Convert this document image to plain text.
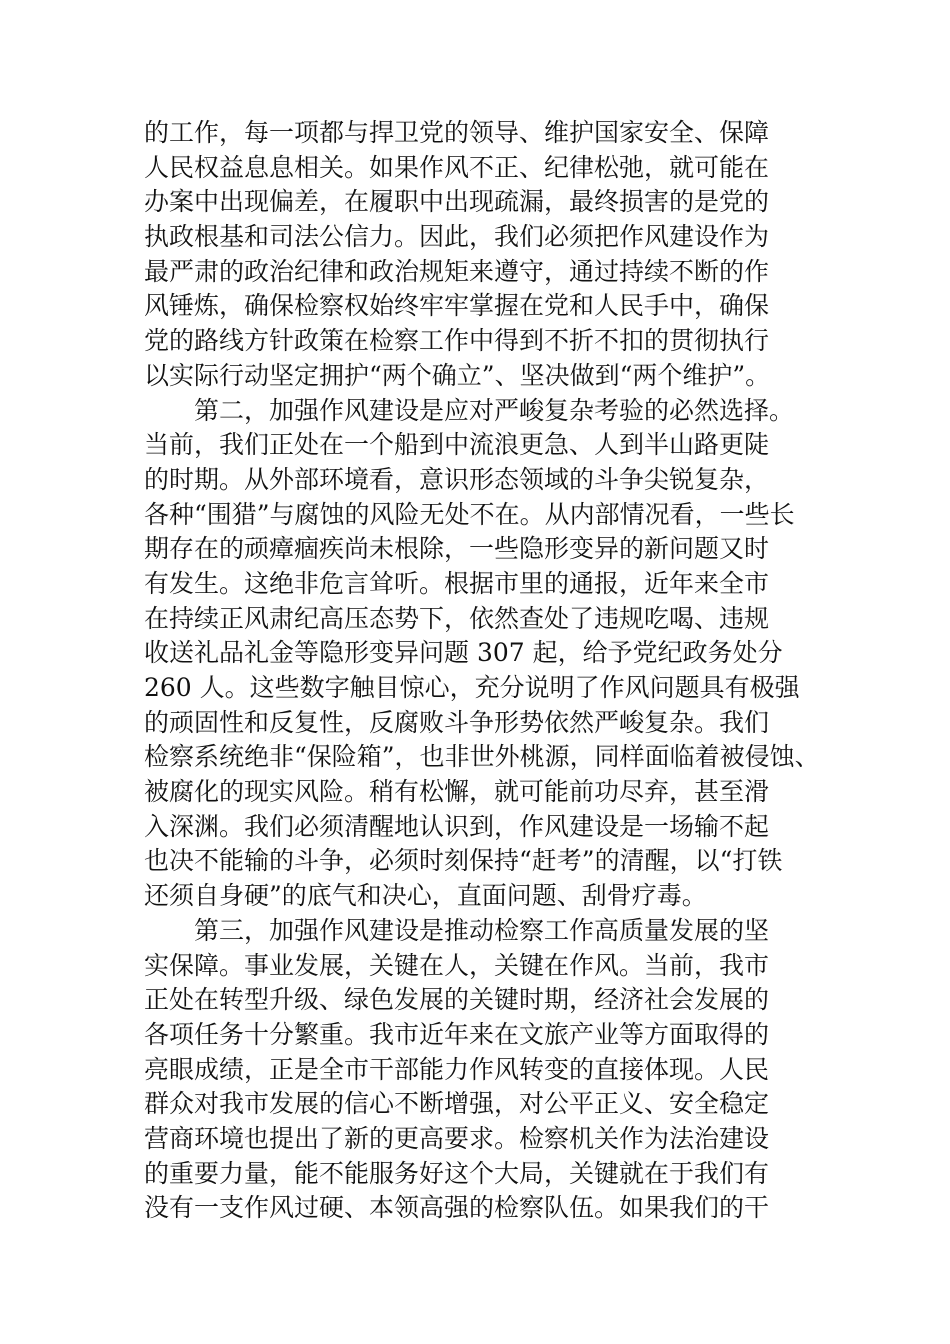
的工作，每一项都与捍卫党的领导、维护国家安全、保障
人民权益息息相关。如果作风不正、纪律松弛，就可能在
办案中出现偏差，在履职中出现疏漏，最终损害的是党的
执政根基和司法公信力。因此，我们必须把作风建设作为
最严肃的政治纪律和政治规矩来遵守，通过持续不断的作
风锤炼，确保检察权始终牢牢掌握在党和人民手中，确保
党的路线方针政策在检察工作中得到不折不扣的贯彻执行
以实际行动坚定拥护“两个确立”、坚决做到“两个维护”。
第二，加强作风建设是应对严峻复杂考验的必然选择。
当前，我们正处在一个船到中流浪更急、人到半山路更陡
的时期。从外部环境看，意识形态领域的斗争尖锐复杂，
各种“围猎”与腐蚀的风险无处不在。从内部情况看，一些长
期存在的顽瘴痼疾尚未根除，一些隐形变异的新问题又时
有发生。这绝非危言耸听。根据市里的通报，近年来全市
在持续正风肃纪高压态势下，依然查处了违规吃喝、违规
收送礼品礼金等隐形变异问题 307 起，给予党纪政务处分
260 人。这些数字触目惊心，充分说明了作风问题具有极强
的顽固性和反复性，反腐败斗争形势依然严峻复杂。我们
检察系统绝非“保险箱”，也非世外桃源，同样面临着被侵蚀、
被腐化的现实风险。稍有松懈，就可能前功尽弃，甚至滑
入深渊。我们必须清醒地认识到，作风建设是一场输不起
也决不能输的斗争，必须时刻保持“赶考”的清醒，以“打铁
还须自身硬”的底气和决心，直面问题、刮骨疗毒。
第三，加强作风建设是推动检察工作高质量发展的坚
实保障。事业发展，关键在人，关键在作风。当前，我市
正处在转型升级、绿色发展的关键时期，经济社会发展的
各项任务十分繁重。我市近年来在文旅产业等方面取得的
亮眼成绩，正是全市干部能力作风转变的直接体现。人民
群众对我市发展的信心不断增强，对公平正义、安全稳定
营商环境也提出了新的更高要求。检察机关作为法治建设
的重要力量，能不能服务好这个大局，关键就在于我们有
没有一支作风过硬、本领高强的检察队伍。如果我们的干
